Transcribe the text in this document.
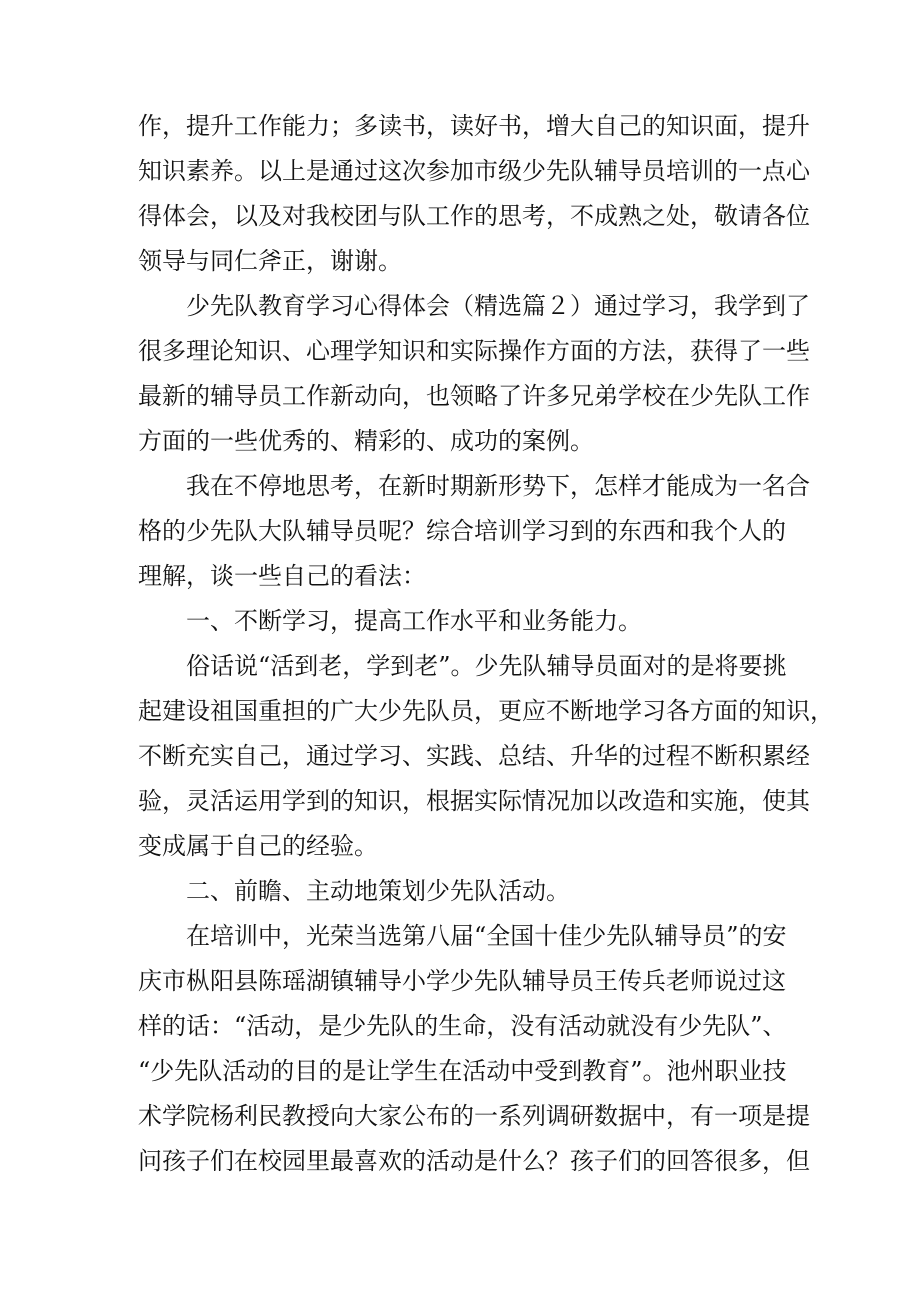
作，提升工作能力；多读书，读好书，增大自己的知识面，提升
知识素养。以上是通过这次参加市级少先队辅导员培训的一点心
得体会，以及对我校团与队工作的思考，不成熟之处，敬请各位
领导与同仁斧正，谢谢。
少先队教育学习心得体会（精选篇２）通过学习，我学到了
很多理论知识、心理学知识和实际操作方面的方法，获得了一些
最新的辅导员工作新动向，也领略了许多兄弟学校在少先队工作
方面的一些优秀的、精彩的、成功的案例。
我在不停地思考，在新时期新形势下，怎样才能成为一名合
格的少先队大队辅导员呢？综合培训学习到的东西和我个人的
理解，谈一些自己的看法：
一、不断学习，提高工作水平和业务能力。
俗话说“活到老，学到老”。少先队辅导员面对的是将要挑
起建设祖国重担的广大少先队员，更应不断地学习各方面的知识，
不断充实自己，通过学习、实践、总结、升华的过程不断积累经
验，灵活运用学到的知识，根据实际情况加以改造和实施，使其
变成属于自己的经验。
二、前瞻、主动地策划少先队活动。
在培训中，光荣当选第八届“全国十佳少先队辅导员”的安
庆市枞阳县陈瑶湖镇辅导小学少先队辅导员王传兵老师说过这
样的话：“活动，是少先队的生命，没有活动就没有少先队”、
“少先队活动的目的是让学生在活动中受到教育”。池州职业技
术学院杨利民教授向大家公布的一系列调研数据中，有一项是提
问孩子们在校园里最喜欢的活动是什么？孩子们的回答很多，但
